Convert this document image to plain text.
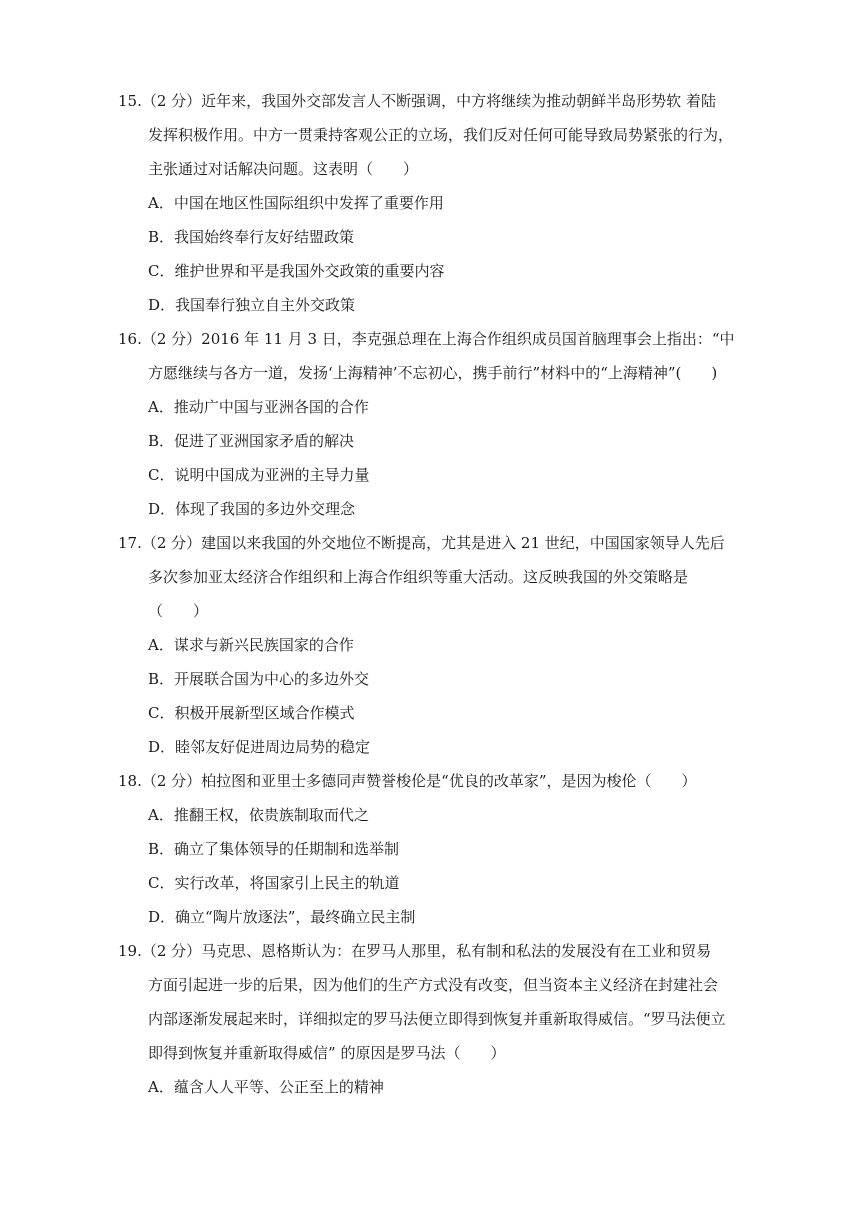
15.（2 分）近年来，我国外交部发言人不断强调，中方将继续为推动朝鲜半岛形势软 着陆
发挥积极作用。中方一贯秉持客观公正的立场，我们反对任何可能导致局势紧张的行为，
主张通过对话解决问题。这表明（　　）
A．中国在地区性国际组织中发挥了重要作用
B．我国始终奉行友好结盟政策
C．维护世界和平是我国外交政策的重要内容
D．我国奉行独立自主外交政策
16.（2 分）2016 年 11 月 3 日，李克强总理在上海合作组织成员国首脑理事会上指出：“中
方愿继续与各方一道，发扬‘上海精神’不忘初心，携手前行”材料中的“上海精神”(　　)
A．推动广中国与亚洲各国的合作
B．促进了亚洲国家矛盾的解决
C．说明中国成为亚洲的主导力量
D．体现了我国的多边外交理念
17.（2 分）建国以来我国的外交地位不断提高，尤其是进入 21 世纪，中国国家领导人先后
多次参加亚太经济合作组织和上海合作组织等重大活动。这反映我国的外交策略是
（　　）
A．谋求与新兴民族国家的合作
B．开展联合国为中心的多边外交
C．积极开展新型区域合作模式
D．睦邻友好促进周边局势的稳定
18.（2 分）柏拉图和亚里士多德同声赞誉梭伦是“优良的改革家”，是因为梭伦（　　）
A．推翻王权，依贵族制取而代之
B．确立了集体领导的任期制和选举制
C．实行改革，将国家引上民主的轨道
D．确立“陶片放逐法”，最终确立民主制
19.（2 分）马克思、恩格斯认为：在罗马人那里，私有制和私法的发展没有在工业和贸易
方面引起进一步的后果，因为他们的生产方式没有改变，但当资本主义经济在封建社会
内部逐渐发展起来时，详细拟定的罗马法便立即得到恢复并重新取得威信。“罗马法便立
即得到恢复并重新取得威信” 的原因是罗马法（　　）
A．蕴含人人平等、公正至上的精神
